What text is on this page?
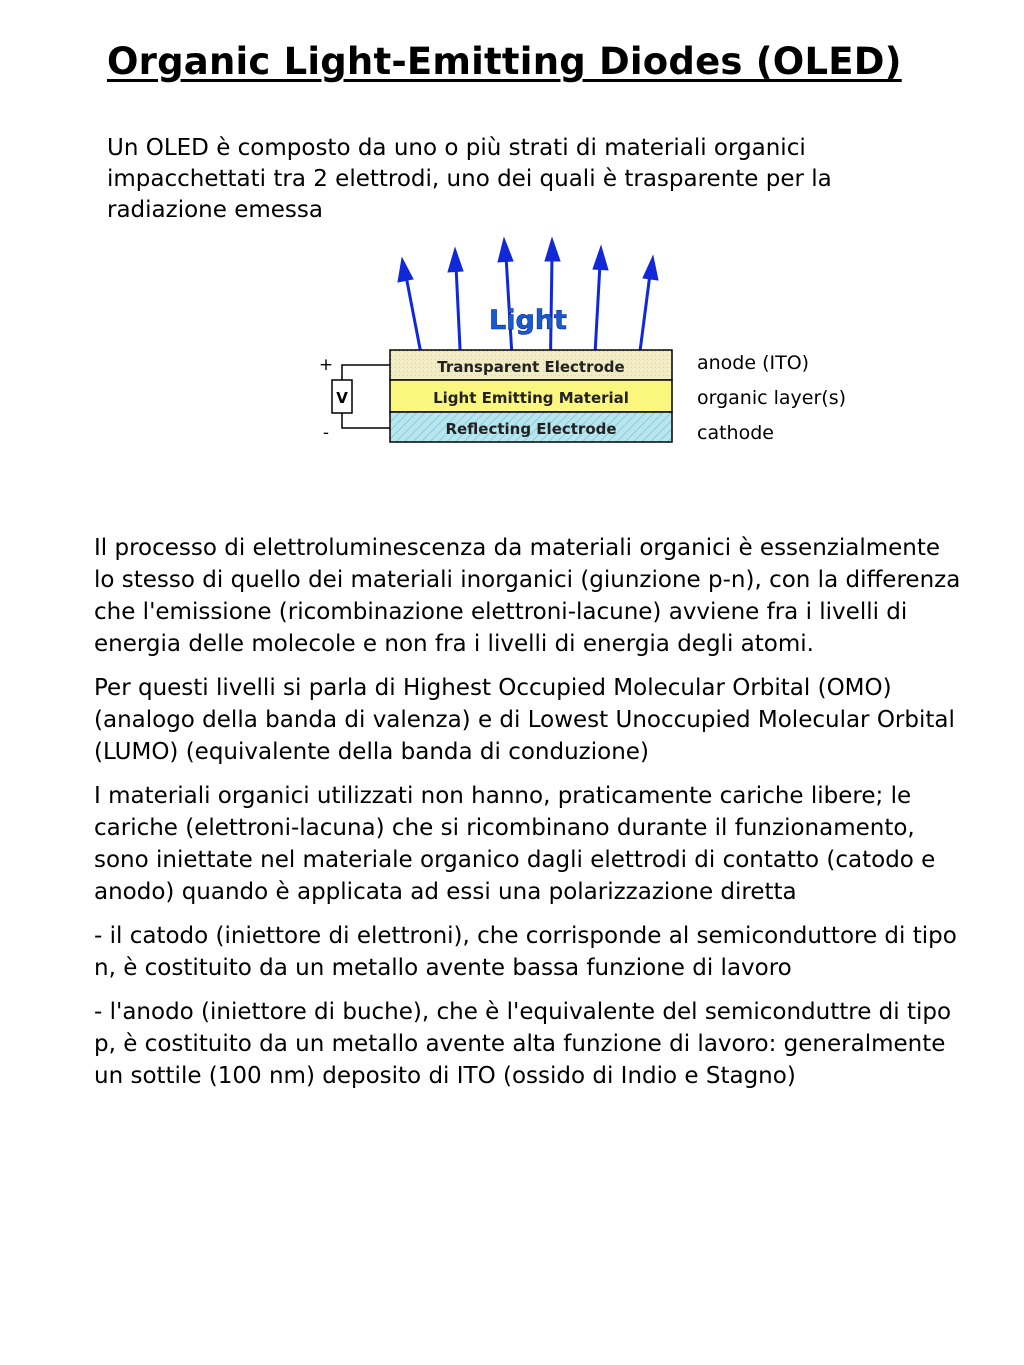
Organic Light-Emitting Diodes (OLED)
Un OLED è composto da uno o più strati di materiali organici impacchettati tra 2 elettrodi, uno dei quali è trasparente per la radiazione emessa
Light
Transparent Electrode
Light Emitting Material
Reflecting Electrode
V
+
-
anode (ITO)
organic layer(s)
cathode

Il processo di elettroluminescenza da materiali organici è essenzialmente lo stesso di quello dei materiali inorganici (giunzione p-n), con la differenza che l'emissione (ricombinazione elettroni-lacune) avviene fra i livelli di energia delle molecole e non fra i livelli di energia degli atomi.

Per questi livelli si parla di Highest Occupied Molecular Orbital (OMO) (analogo della banda di valenza) e di Lowest Unoccupied Molecular Orbital (LUMO) (equivalente della banda di conduzione)

I materiali organici utilizzati non hanno, praticamente cariche libere; le cariche (elettroni-lacuna) che si ricombinano durante il funzionamento, sono iniettate nel materiale organico dagli elettrodi di contatto (catodo e anodo) quando è applicata ad essi una polarizzazione diretta

- il catodo (iniettore di elettroni), che corrisponde al semiconduttore di tipo n, è costituito da un metallo avente bassa funzione di lavoro

- l'anodo (iniettore di buche), che è l'equivalente del semiconduttre di tipo p, è costituito da un metallo avente alta funzione di lavoro: generalmente un sottile (100 nm) deposito di ITO (ossido di Indio e Stagno)
